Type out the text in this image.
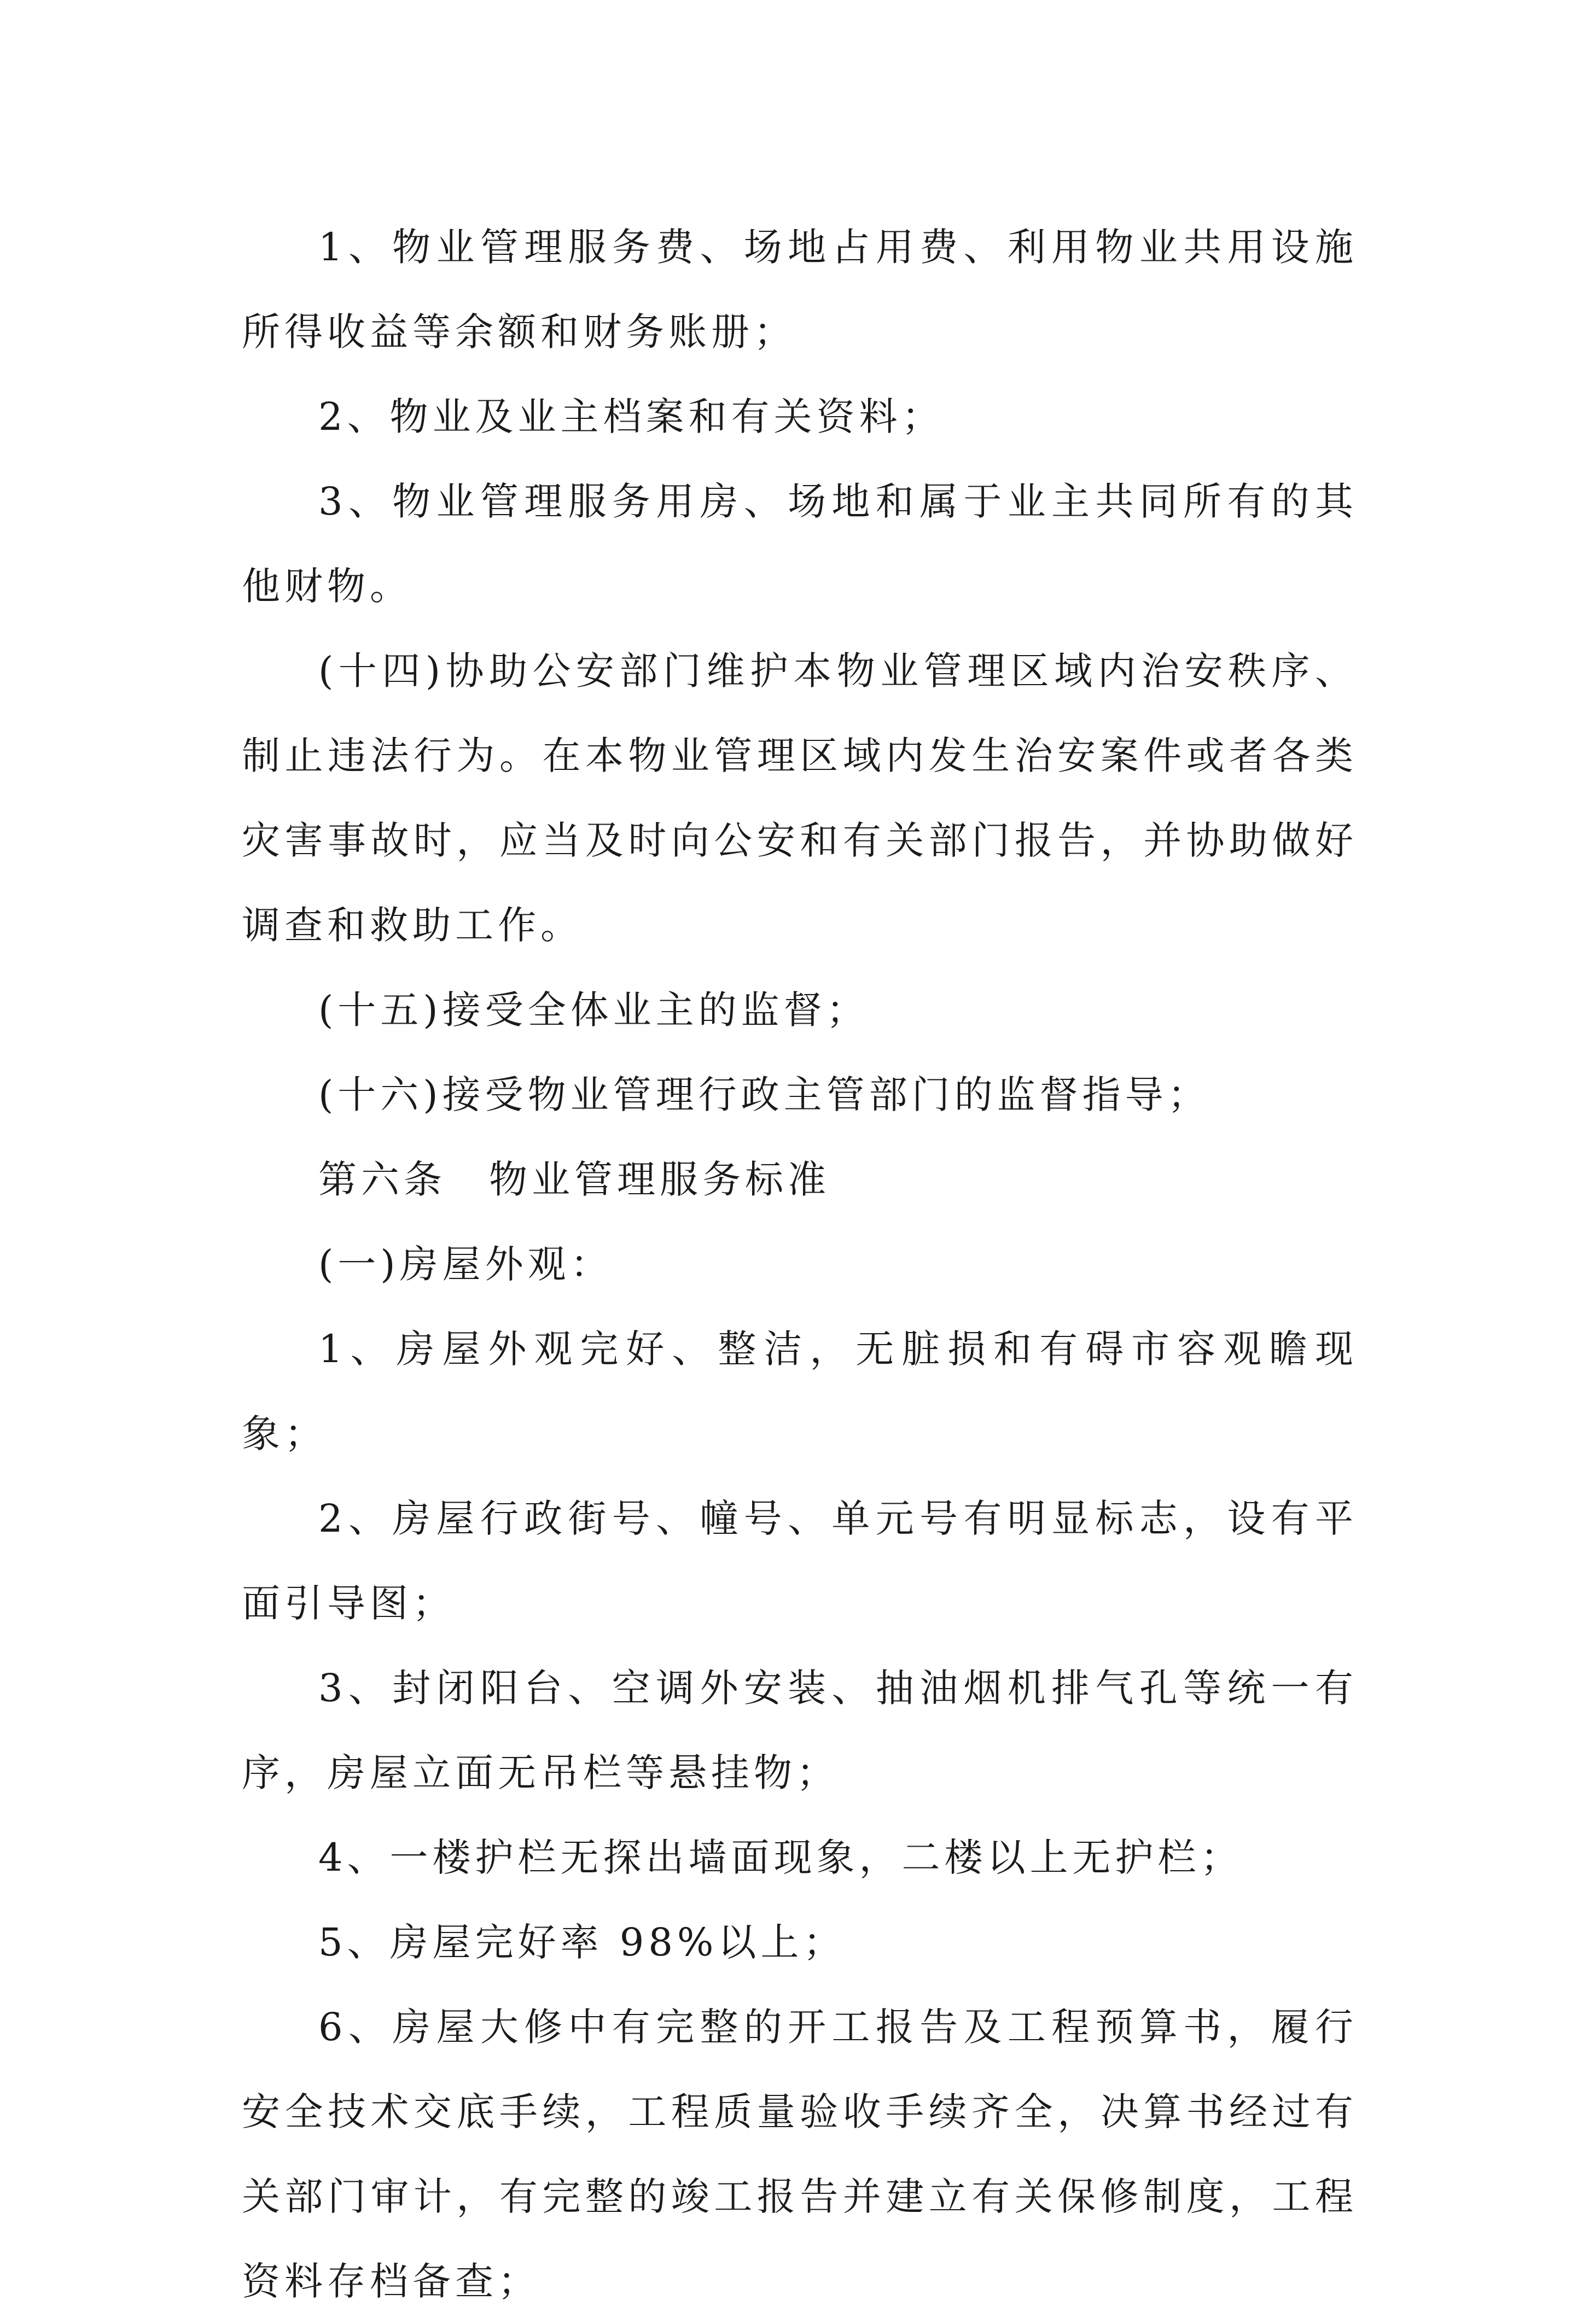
1、物业管理服务费、场地占用费、利用物业共用设施所得收益等余额和财务账册；

2、物业及业主档案和有关资料；

3、物业管理服务用房、场地和属于业主共同所有的其他财物。

(十四)协助公安部门维护本物业管理区域内治安秩序、制止违法行为。在本物业管理区域内发生治安案件或者各类灾害事故时，应当及时向公安和有关部门报告，并协助做好调查和救助工作。

(十五)接受全体业主的监督；

(十六)接受物业管理行政主管部门的监督指导；

第六条　物业管理服务标准

(一)房屋外观：

1、房屋外观完好、整洁，无脏损和有碍市容观瞻现象；

2、房屋行政街号、幢号、单元号有明显标志，设有平面引导图；

3、封闭阳台、空调外安装、抽油烟机排气孔等统一有序，房屋立面无吊栏等悬挂物；

4、一楼护栏无探出墙面现象，二楼以上无护栏；

5、房屋完好率 98%以上；

6、房屋大修中有完整的开工报告及工程预算书，履行安全技术交底手续，工程质量验收手续齐全，决算书经过有关部门审计，有完整的竣工报告并建立有关保修制度，工程资料存档备查；
